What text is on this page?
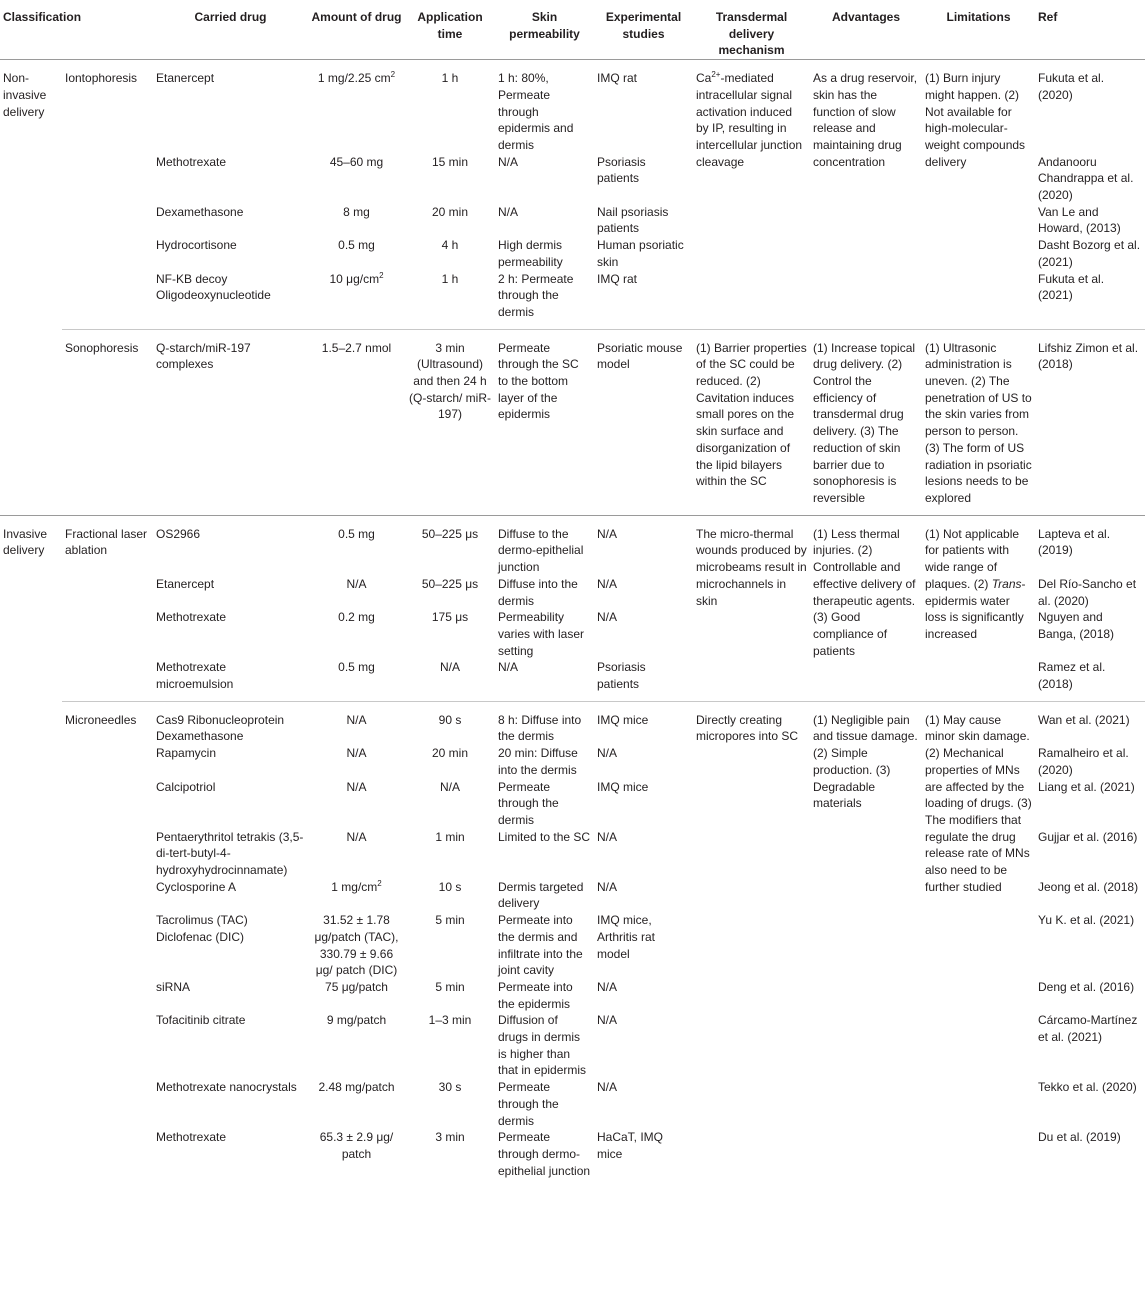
Classification		Carried drug	Amount of drug	Application time	Skin permeability	Experimental studies	Transdermal delivery mechanism	Advantages	Limitations	Ref
Non-invasive delivery	Iontophoresis	Etanercept	1 mg/2.25 $cm^2$	1 h	1 h: 80%, Permeate through epidermis and dermis	IMQ rat	$Ca^{2+}$-mediated intracellular signal activation induced by IP, resulting in intercellular junction cleavage	As a drug reservoir, skin has the function of slow release and maintaining drug concentration	(1) Burn injury might happen. (2) Not available for high-molecular-weight compounds delivery	Fukuta et al. (2020)
		Methotrexate	45–60 mg	15 min	N/A	Psoriasis patients				Andanooru Chandrappa et al. (2020)
		Dexamethasone	8 mg	20 min	N/A	Nail psoriasis patients				Van Le and Howard, (2013)
		Hydrocortisone	0.5 mg	4 h	High dermis permeability	Human psoriatic skin				Dasht Bozorg et al. (2021)
		NF-KB decoy Oligodeoxynucleotide	10 $\mu g/cm^2$	1 h	2 h: Permeate through the dermis	IMQ rat				Fukuta et al. (2021)

	Sonophoresis	Q-starch/miR-197 complexes	1.5–2.7 nmol	3 min (Ultrasound) and then 24 h (Q-starch/ miR-197)	Permeate through the SC to the bottom layer of the epidermis	Psoriatic mouse model	(1) Barrier properties of the SC could be reduced. (2) Cavitation induces small pores on the skin surface and disorganization of the lipid bilayers within the SC	(1) Increase topical drug delivery. (2) Control the efficiency of transdermal drug delivery. (3) The reduction of skin barrier due to sonophoresis is reversible	(1) Ultrasonic administration is uneven. (2) The penetration of US to the skin varies from person to person. (3) The form of US radiation in psoriatic lesions needs to be explored	Lifshiz Zimon et al. (2018)

Invasive delivery	Fractional laser ablation	OS2966	0.5 mg	50–225 μs	Diffuse to the dermo-epithelial junction	N/A	The micro-thermal wounds produced by microbeams result in microchannels in skin	(1) Less thermal injuries. (2) Controllable and effective delivery of therapeutic agents. (3) Good compliance of patients	(1) Not applicable for patients with wide range of plaques. (2) Trans-epidermis water loss is significantly increased	Lapteva et al. (2019)
		Etanercept	N/A	50–225 μs	Diffuse into the dermis	N/A				Del Río-Sancho et al. (2020)
		Methotrexate	0.2 mg	175 μs	Permeability varies with laser setting	N/A				Nguyen and Banga, (2018)
		Methotrexate microemulsion	0.5 mg	N/A	N/A	Psoriasis patients				Ramez et al. (2018)

	Microneedles	Cas9 Ribonucleoprotein Dexamethasone	N/A	90 s	8 h: Diffuse into the dermis	IMQ mice	Directly creating micropores into SC	(1) Negligible pain and tissue damage. (2) Simple production. (3) Degradable materials	(1) May cause minor skin damage. (2) Mechanical properties of MNs are affected by the loading of drugs. (3) The modifiers that regulate the drug release rate of MNs also need to be further studied	Wan et al. (2021)
		Rapamycin	N/A	20 min	20 min: Diffuse into the dermis	N/A				Ramalheiro et al. (2020)
		Calcipotriol	N/A	N/A	Permeate through the dermis	IMQ mice				Liang et al. (2021)
		Pentaerythritol tetrakis (3,5-di-tert-butyl-4-hydroxyhydrocinnamate)	N/A	1 min	Limited to the SC	N/A				Gujjar et al. (2016)
		Cyclosporine A	1 $mg/cm^2$	10 s	Dermis targeted delivery	N/A				Jeong et al. (2018)
		Tacrolimus (TAC) Diclofenac (DIC)	31.52 ± 1.78 μg/patch (TAC), 330.79 ± 9.66 μg/ patch (DIC)	5 min	Permeate into the dermis and infiltrate into the joint cavity	IMQ mice, Arthritis rat model				Yu K. et al. (2021)
		siRNA	75 μg/patch	5 min	Permeate into the epidermis	N/A				Deng et al. (2016)
		Tofacitinib citrate	9 mg/patch	1–3 min	Diffusion of drugs in dermis is higher than that in epidermis	N/A				Cárcamo-Martínez et al. (2021)
		Methotrexate nanocrystals	2.48 mg/patch	30 s	Permeate through the dermis	N/A				Tekko et al. (2020)
		Methotrexate	65.3 ± 2.9 μg/ patch	3 min	Permeate through dermo-epithelial junction	HaCaT, IMQ mice				Du et al. (2019)
